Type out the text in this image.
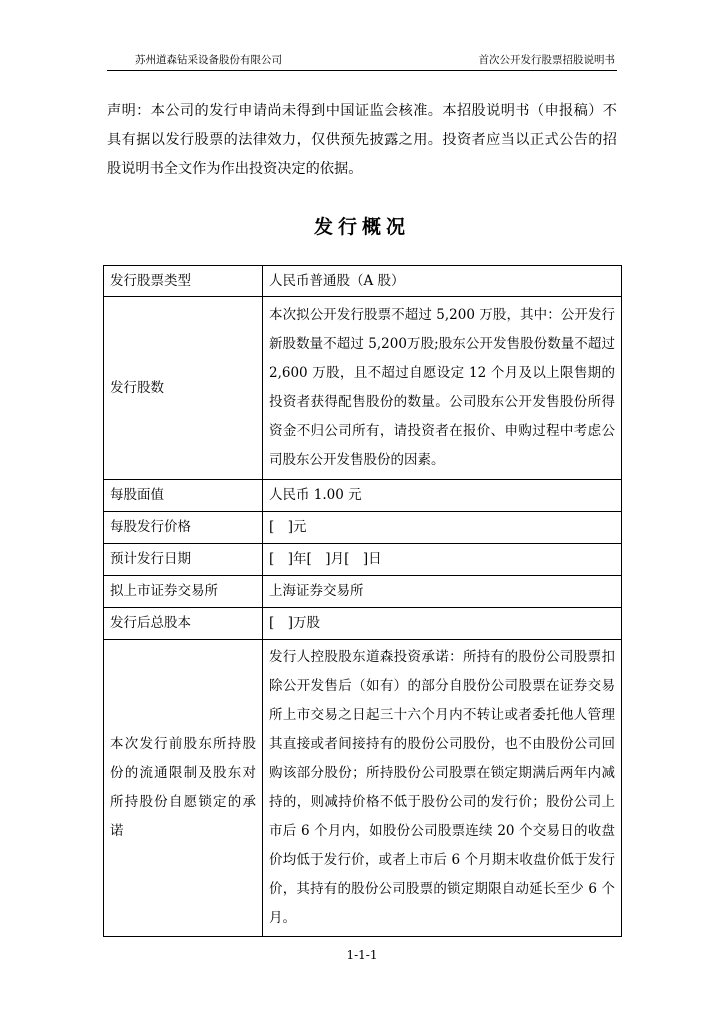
苏州道森钻采设备股份有限公司	首次公开发行股票招股说明书
声明：本公司的发行申请尚未得到中国证监会核准。本招股说明书（申报稿）不具有据以发行股票的法律效力，仅供预先披露之用。投资者应当以正式公告的招股说明书全文作为作出投资决定的依据。
发行概况
发行股票类型	人民币普通股（A 股）
发行股数	本次拟公开发行股票不超过 5,200 万股，其中：公开发行新股数量不超过 5,200万股;股东公开发售股份数量不超过 2,600 万股，且不超过自愿设定 12 个月及以上限售期的投资者获得配售股份的数量。公司股东公开发售股份所得资金不归公司所有，请投资者在报价、申购过程中考虑公司股东公开发售股份的因素。
每股面值	人民币 1.00 元
每股发行价格	[　]元
预计发行日期	[　]年[　]月[　]日
拟上市证券交易所	上海证券交易所
发行后总股本	[　]万股

本次发行前股东所持股份的流通限制及股东对所持股份自愿锁定的承诺	发行人控股股东道森投资承诺：所持有的股份公司股票扣除公开发售后（如有）的部分自股份公司股票在证券交易所上市交易之日起三十六个月内不转让或者委托他人管理其直接或者间接持有的股份公司股份，也不由股份公司回购该部分股份；所持股份公司股票在锁定期满后两年内减持的，则减持价格不低于股份公司的发行价；股份公司上市后 6 个月内，如股份公司股票连续 20 个交易日的收盘价均低于发行价，或者上市后 6 个月期末收盘价低于发行价，其持有的股份公司股票的锁定期限自动延长至少 6 个月。
1-1-1
